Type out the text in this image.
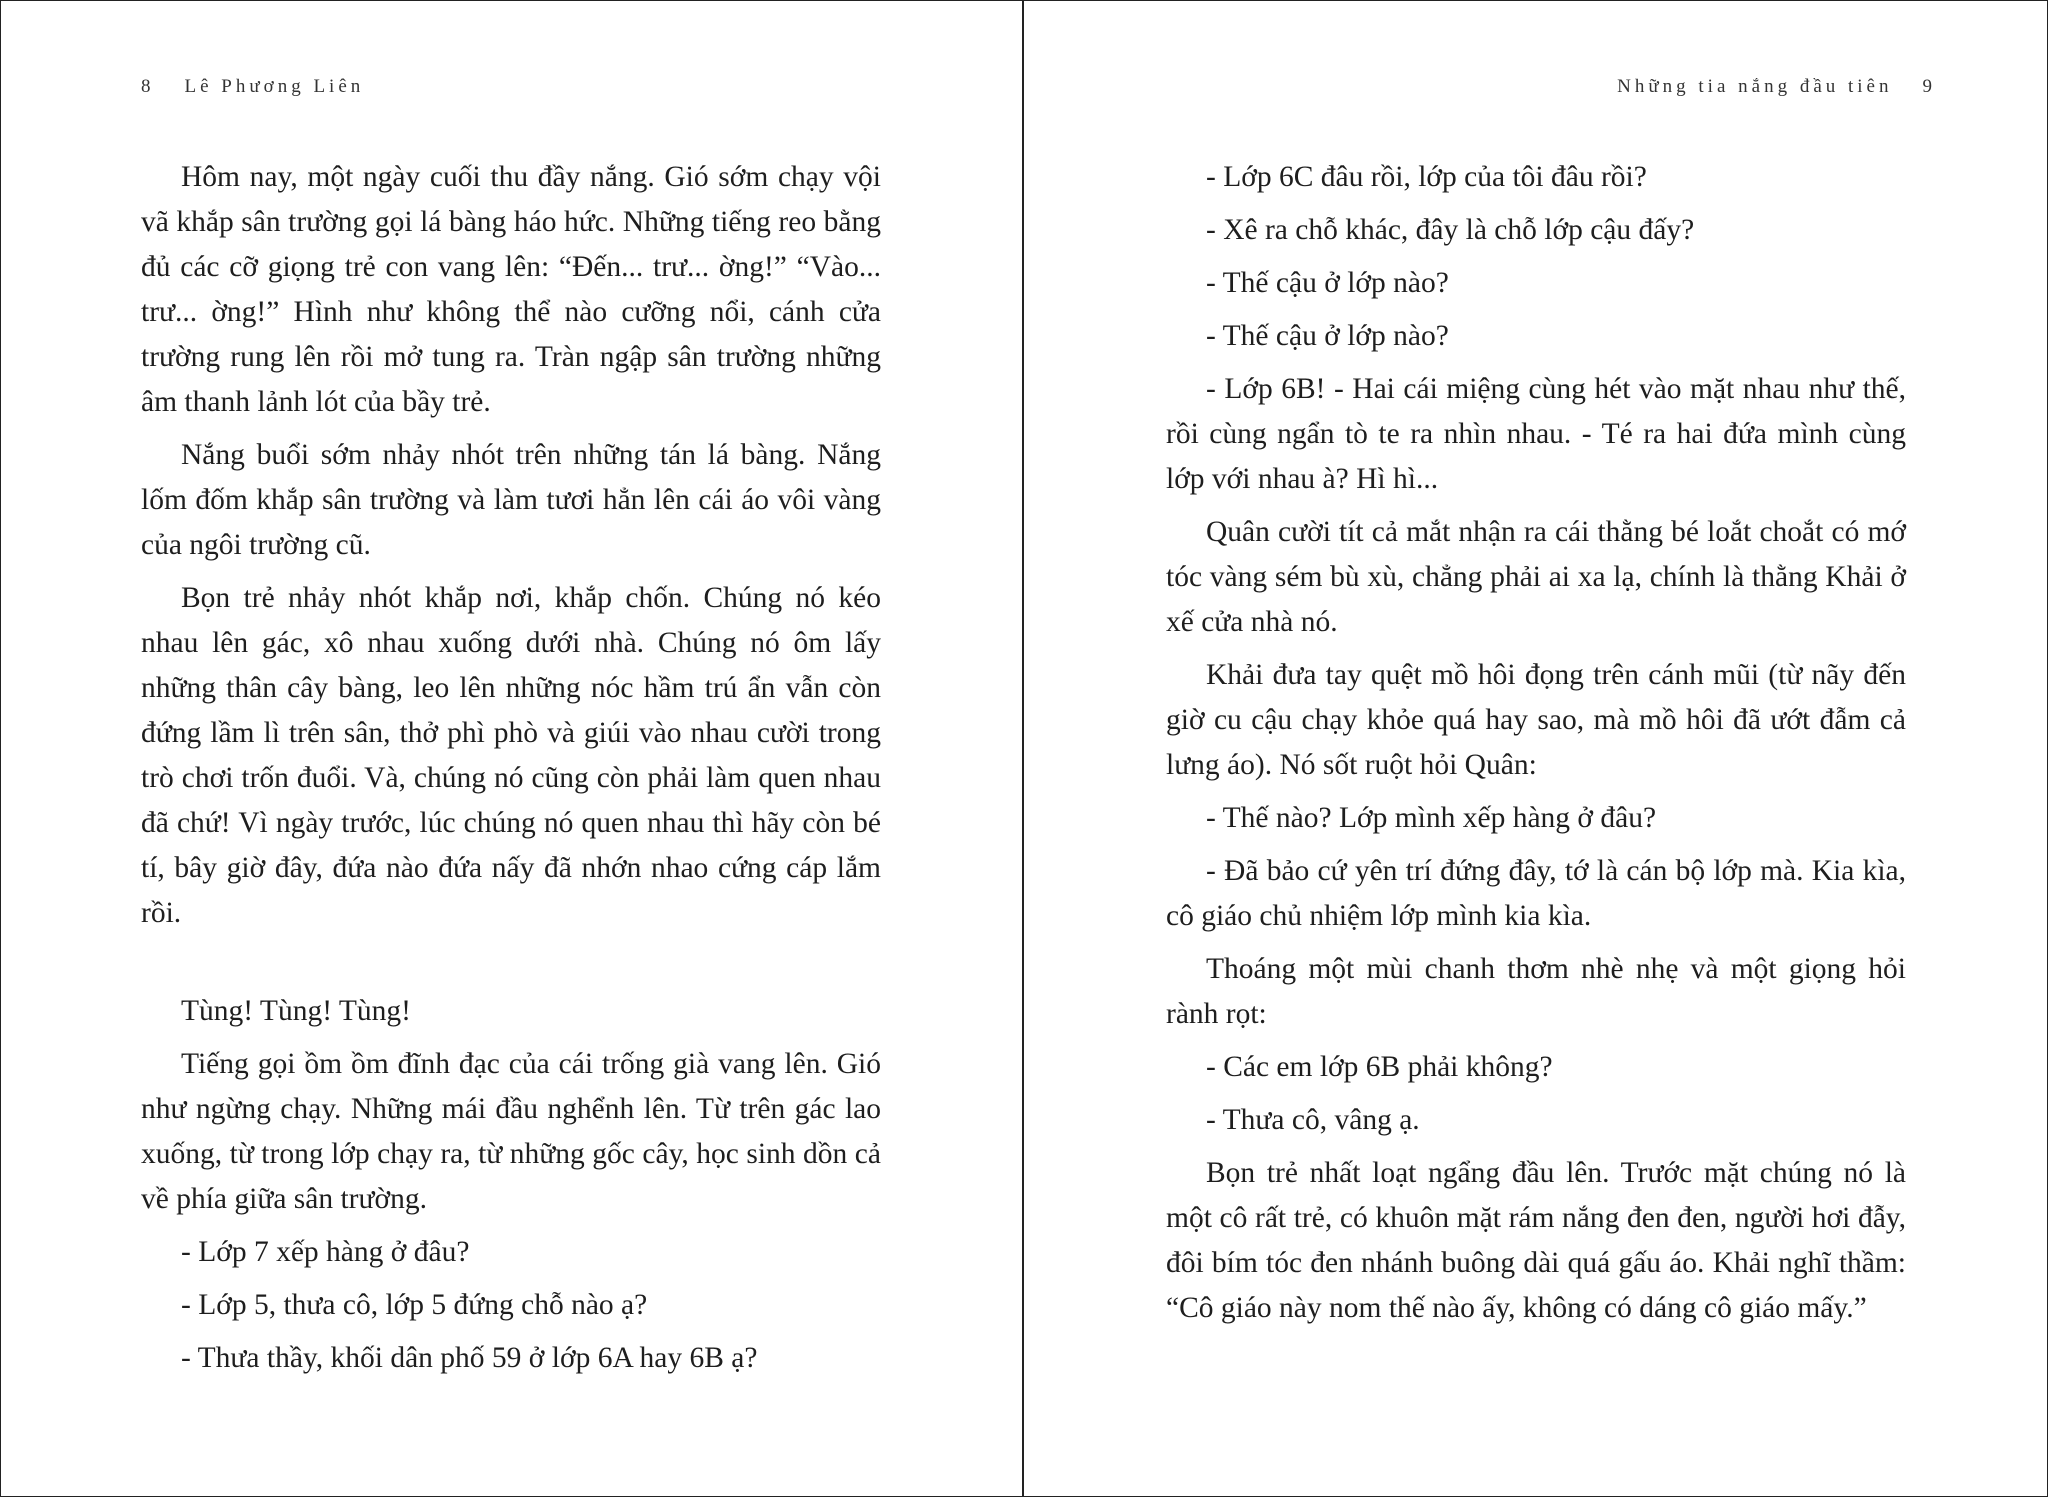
8 Lê Phương Liên

Hôm nay, một ngày cuối thu đầy nắng. Gió sớm chạy vội vã khắp sân trường gọi lá bàng háo hức. Những tiếng reo bằng đủ các cỡ giọng trẻ con vang lên: “Đến... trư... ờng!” “Vào... trư... ờng!” Hình như không thể nào cưỡng nổi, cánh cửa trường rung lên rồi mở tung ra. Tràn ngập sân trường những âm thanh lảnh lót của bầy trẻ.

Nắng buổi sớm nhảy nhót trên những tán lá bàng. Nắng lốm đốm khắp sân trường và làm tươi hẳn lên cái áo vôi vàng của ngôi trường cũ.

Bọn trẻ nhảy nhót khắp nơi, khắp chốn. Chúng nó kéo nhau lên gác, xô nhau xuống dưới nhà. Chúng nó ôm lấy những thân cây bàng, leo lên những nóc hầm trú ẩn vẫn còn đứng lầm lì trên sân, thở phì phò và giúi vào nhau cười trong trò chơi trốn đuổi. Và, chúng nó cũng còn phải làm quen nhau đã chứ! Vì ngày trước, lúc chúng nó quen nhau thì hãy còn bé tí, bây giờ đây, đứa nào đứa nấy đã nhớn nhao cứng cáp lắm rồi.

Tùng! Tùng! Tùng!

Tiếng gọi ồm ồm đĩnh đạc của cái trống già vang lên. Gió như ngừng chạy. Những mái đầu nghểnh lên. Từ trên gác lao xuống, từ trong lớp chạy ra, từ những gốc cây, học sinh dồn cả về phía giữa sân trường.

- Lớp 7 xếp hàng ở đâu?

- Lớp 5, thưa cô, lớp 5 đứng chỗ nào ạ?

- Thưa thầy, khối dân phố 59 ở lớp 6A hay 6B ạ?

Những tia nắng đầu tiên 9

- Lớp 6C đâu rồi, lớp của tôi đâu rồi?

- Xê ra chỗ khác, đây là chỗ lớp cậu đấy?

- Thế cậu ở lớp nào?

- Thế cậu ở lớp nào?

- Lớp 6B! - Hai cái miệng cùng hét vào mặt nhau như thế, rồi cùng ngẩn tò te ra nhìn nhau. - Té ra hai đứa mình cùng lớp với nhau à? Hì hì...

Quân cười tít cả mắt nhận ra cái thằng bé loắt choắt có mớ tóc vàng sém bù xù, chẳng phải ai xa lạ, chính là thằng Khải ở xế cửa nhà nó.

Khải đưa tay quệt mồ hôi đọng trên cánh mũi (từ nãy đến giờ cu cậu chạy khỏe quá hay sao, mà mồ hôi đã ướt đẫm cả lưng áo). Nó sốt ruột hỏi Quân:

- Thế nào? Lớp mình xếp hàng ở đâu?

- Đã bảo cứ yên trí đứng đây, tớ là cán bộ lớp mà. Kia kìa, cô giáo chủ nhiệm lớp mình kia kìa.

Thoáng một mùi chanh thơm nhè nhẹ và một giọng hỏi rành rọt:

- Các em lớp 6B phải không?

- Thưa cô, vâng ạ.

Bọn trẻ nhất loạt ngẩng đầu lên. Trước mặt chúng nó là một cô rất trẻ, có khuôn mặt rám nắng đen đen, người hơi đẫy, đôi bím tóc đen nhánh buông dài quá gấu áo. Khải nghĩ thầm: “Cô giáo này nom thế nào ấy, không có dáng cô giáo mấy.”
